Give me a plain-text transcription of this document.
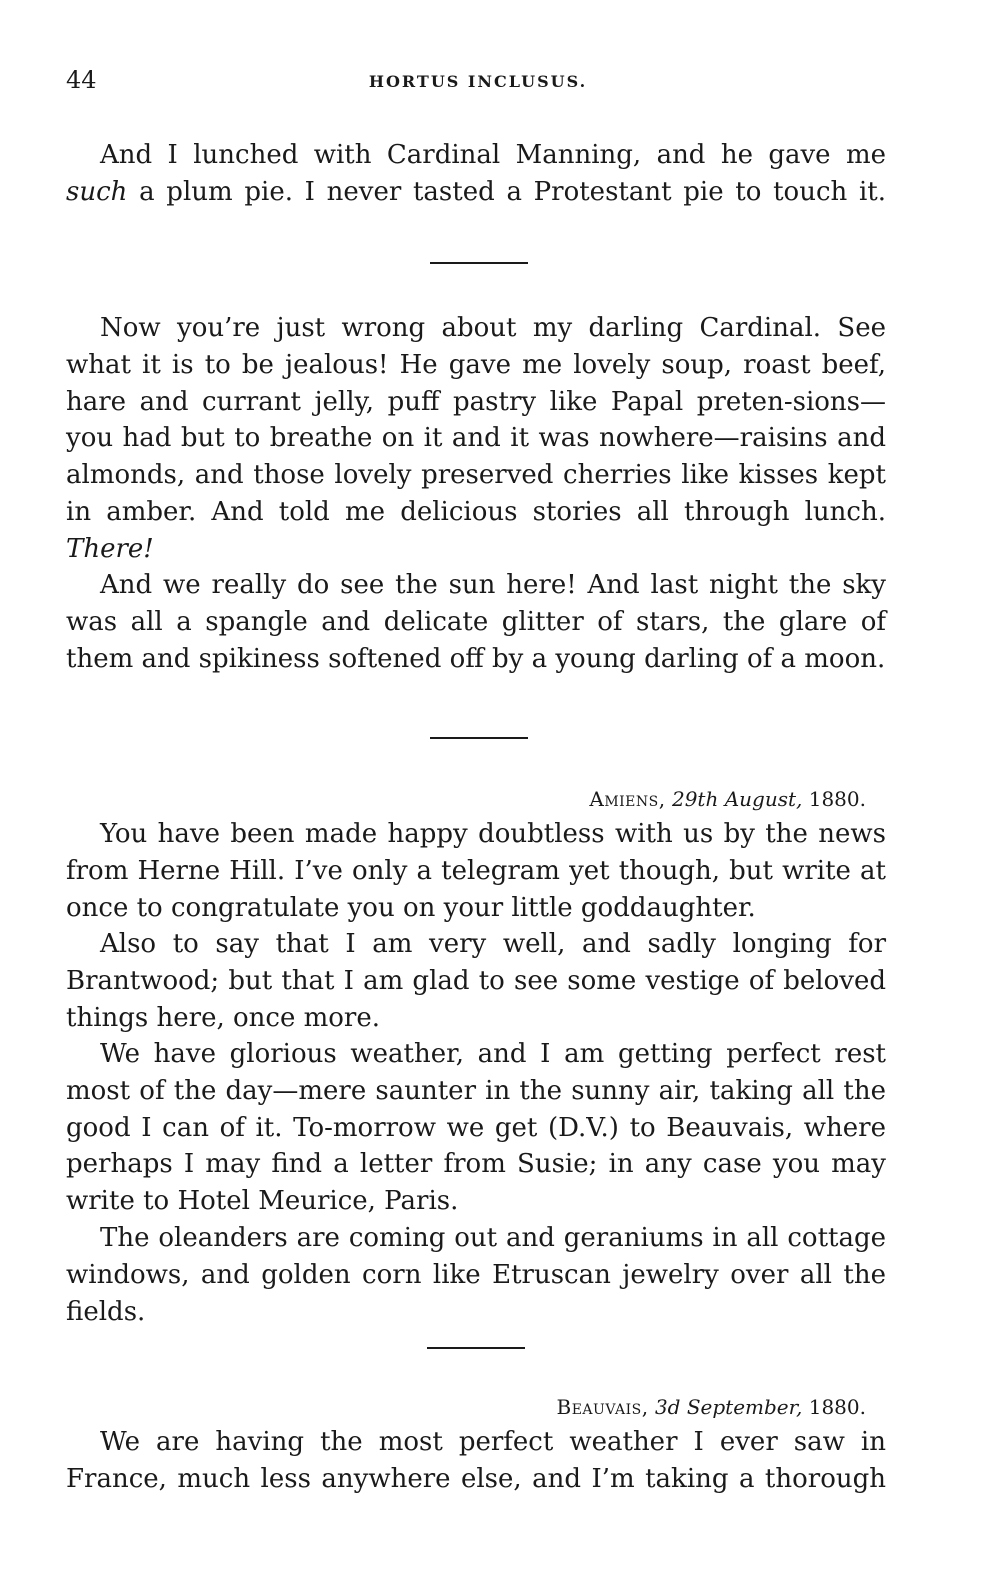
44	HORTUS INCLUSUS.
And I lunched with Cardinal Manning, and he gave me such a plum pie. I never tasted a Protestant pie to touch it.
Now you’re just wrong about my darling Cardinal. See what it is to be jealous! He gave me lovely soup, roast beef, hare and currant jelly, puff pastry like Papal preten-sions—you had but to breathe on it and it was nowhere—raisins and almonds, and those lovely preserved cherries like kisses kept in amber. And told me delicious stories all through lunch. There!
And we really do see the sun here! And last night the sky was all a spangle and delicate glitter of stars, the glare of them and spikiness softened off by a young darling of a moon.
Amiens, 29th August, 1880.
You have been made happy doubtless with us by the news from Herne Hill. I’ve only a telegram yet though, but write at once to congratulate you on your little goddaughter.
Also to say that I am very well, and sadly longing for Brantwood; but that I am glad to see some vestige of beloved things here, once more.
We have glorious weather, and I am getting perfect rest most of the day—mere saunter in the sunny air, taking all the good I can of it. To-morrow we get (D.V.) to Beauvais, where perhaps I may find a letter from Susie; in any case you may write to Hotel Meurice, Paris.
The oleanders are coming out and geraniums in all cottage windows, and golden corn like Etruscan jewelry over all the fields.
Beauvais, 3d September, 1880.
We are having the most perfect weather I ever saw in France, much less anywhere else, and I’m taking a thorough
